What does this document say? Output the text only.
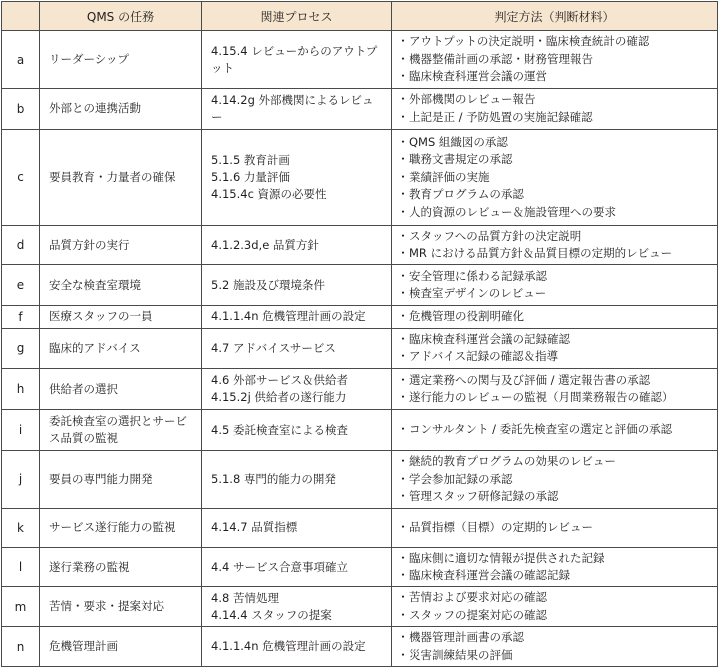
	QMS の任務	関連プロセス	判定方法（判断材料）
a	リーダーシップ	4.15.4 レビューからのアウトプット	・アウトプットの決定説明・臨床検査統計の確認
・機器整備計画の承認・財務管理報告
・臨床検査科運営会議の運営

b	外部との連携活動	4.14.2g 外部機関によるレビュー	・外部機関のレビュー報告
・上記是正 / 予防処置の実施記録確認

c	要員教育・力量者の確保	5.1.5 教育計画
5.1.6 力量評価
4.15.4c 資源の必要性	・QMS 組織図の承認
・職務文書規定の承認
・業績評価の実施
・教育プログラムの承認
・人的資源のレビュー＆施設管理への要求

d	品質方針の実行	4.1.2.3d,e 品質方針	・スタッフへの品質方針の決定説明
・MR における品質方針＆品質目標の定期的レビュー

e	安全な検査室環境	5.2 施設及び環境条件	・安全管理に係わる記録承認
・検査室デザインのレビュー

f	医療スタッフの一員	4.1.1.4n 危機管理計画の設定	・危機管理の役割明確化

g	臨床的アドバイス	4.7 アドバイスサービス	・臨床検査科運営会議の記録確認
・アドバイス記録の確認＆指導

h	供給者の選択	4.6 外部サービス＆供給者
4.15.2j 供給者の遂行能力	・選定業務への関与及び評価 / 選定報告書の承認
・遂行能力のレビューの監視（月間業務報告の確認）

i	委託検査室の選択とサービス品質の監視	4.5 委託検査室による検査	・コンサルタント / 委託先検査室の選定と評価の承認

j	要員の専門能力開発	5.1.8 専門的能力の開発	・継続的教育プログラムの効果のレビュー
・学会参加記録の承認
・管理スタッフ研修記録の承認

k	サービス遂行能力の監視	4.14.7 品質指標	・品質指標（目標）の定期的レビュー

l	遂行業務の監視	4.4 サービス合意事項確立	・臨床側に適切な情報が提供された記録
・臨床検査科運営会議の確認記録

m	苦情・要求・提案対応	4.8 苦情処理
4.14.4 スタッフの提案	・苦情および要求対応の確認
・スタッフの提案対応の確認

n	危機管理計画	4.1.1.4n 危機管理計画の設定	・機器管理計画書の承認
・災害訓練結果の評価
